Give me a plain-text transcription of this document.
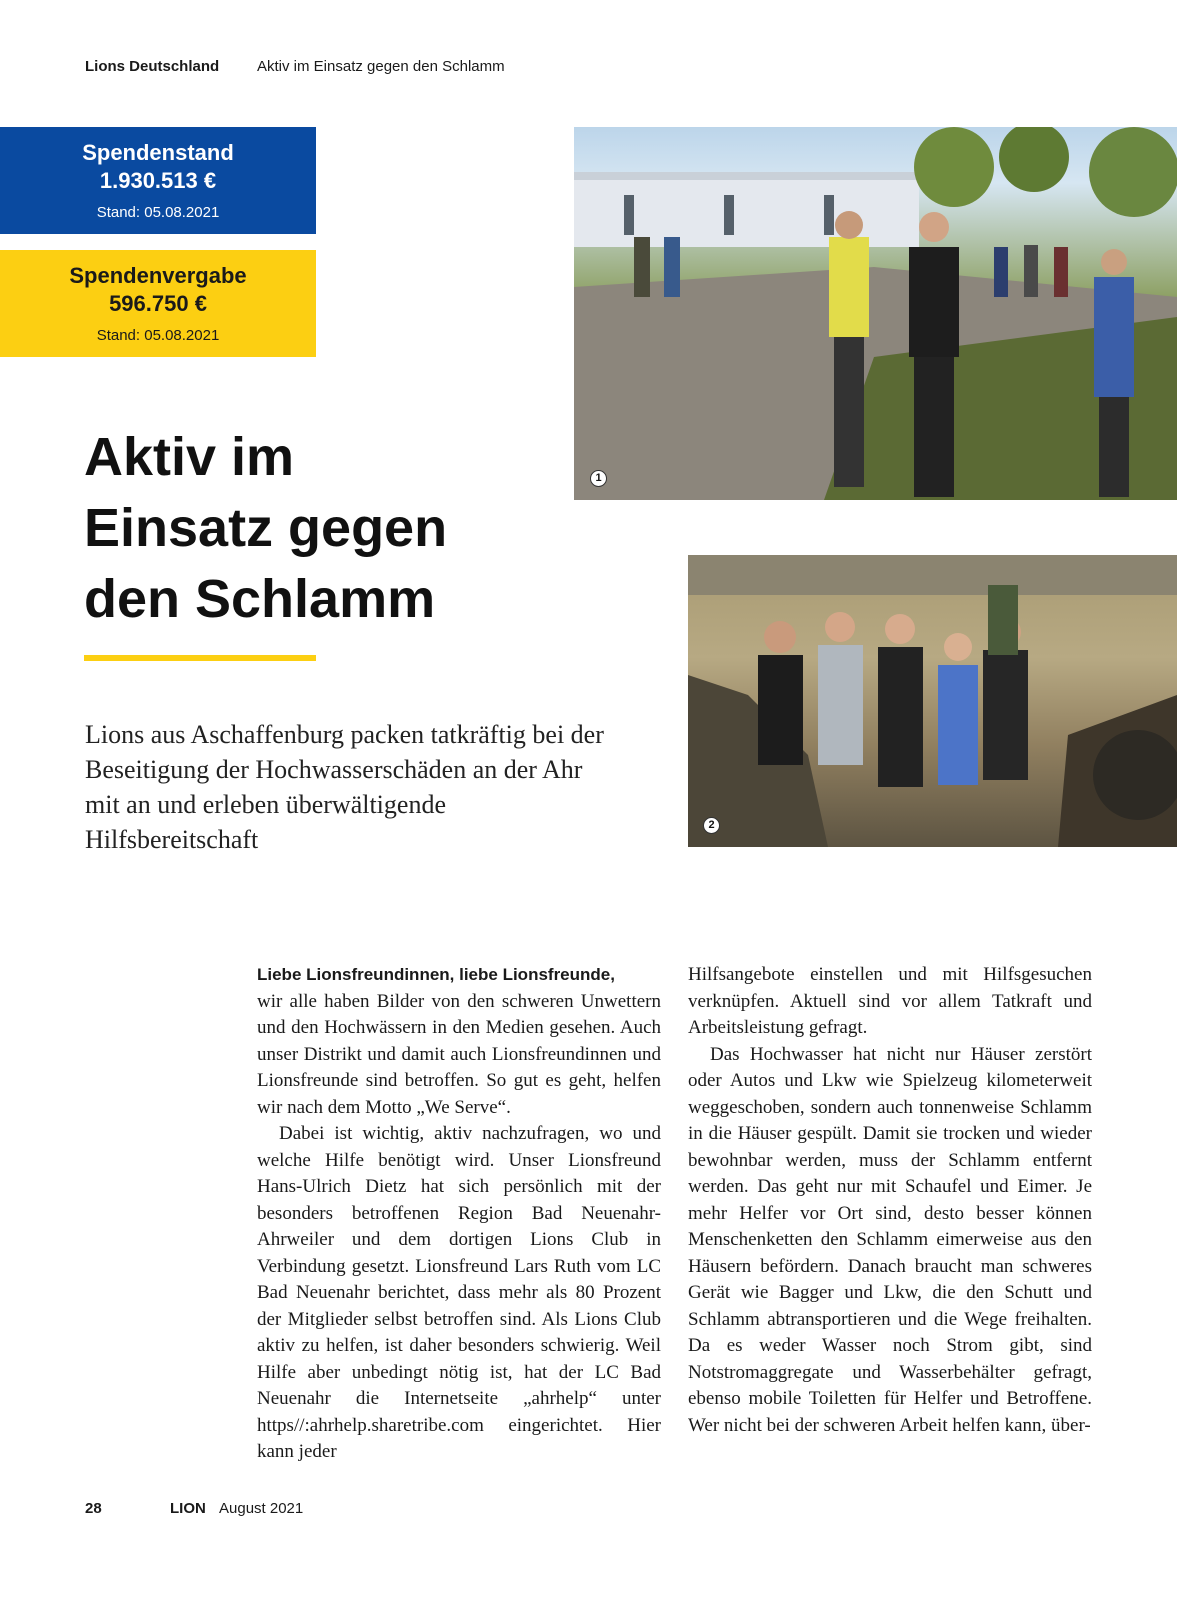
Lions Deutschland	Aktiv im Einsatz gegen den Schlamm
Spendenstand
1.930.513 €
Stand: 05.08.2021
Spendenvergabe
596.750 €
Stand: 05.08.2021
Aktiv im
Einsatz gegen
den Schlamm
Lions aus Aschaffenburg packen tatkräftig bei der Beseitigung der Hochwasserschäden an der Ahr mit an und erleben überwältigende Hilfsbereitschaft
1
2
Liebe Lionsfreundinnen, liebe Lionsfreunde,

wir alle haben Bilder von den schweren Unwettern und den Hochwässern in den Medien gesehen. Auch unser Distrikt und damit auch Lionsfreundinnen und Lionsfreunde sind betroffen. So gut es geht, helfen wir nach dem Motto „We Serve“.

Dabei ist wichtig, aktiv nachzufragen, wo und welche Hilfe benötigt wird. Unser Lionsfreund Hans-Ulrich Dietz hat sich persönlich mit der besonders betroffenen Region Bad Neuenahr-Ahrweiler und dem dortigen Lions Club in Verbindung gesetzt. Lionsfreund Lars Ruth vom LC Bad Neuenahr berichtet, dass mehr als 80 Prozent der Mitglieder selbst betroffen sind. Als Lions Club aktiv zu helfen, ist daher besonders schwierig. Weil Hilfe aber unbedingt nötig ist, hat der LC Bad Neuenahr die Internetseite „ahrhelp“ unter https//:ahrhelp.sharetribe.com eingerichtet. Hier kann jeder

Hilfsangebote einstellen und mit Hilfsgesuchen verknüpfen. Aktuell sind vor allem Tatkraft und Arbeitsleistung gefragt.

Das Hochwasser hat nicht nur Häuser zerstört oder Autos und Lkw wie Spielzeug kilometerweit weggeschoben, sondern auch tonnenweise Schlamm in die Häuser gespült. Damit sie trocken und wieder bewohnbar werden, muss der Schlamm entfernt werden. Das geht nur mit Schaufel und Eimer. Je mehr Helfer vor Ort sind, desto besser können Menschenketten den Schlamm eimerweise aus den Häusern befördern. Danach braucht man schweres Gerät wie Bagger und Lkw, die den Schutt und Schlamm abtransportieren und die Wege freihalten. Da es weder Wasser noch Strom gibt, sind Notstromaggregate und Wasserbehälter gefragt, ebenso mobile Toiletten für Helfer und Betroffene. Wer nicht bei der schweren Arbeit helfen kann, über-

28	LION August 2021
